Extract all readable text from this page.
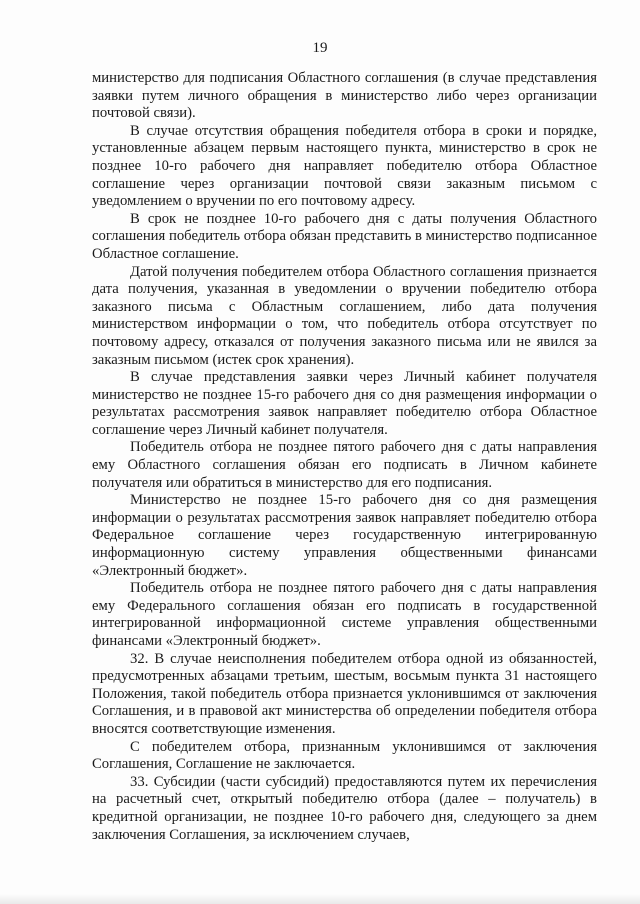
19

министерство для подписания Областного соглашения (в случае представления заявки путем личного обращения в министерство либо через организации почтовой связи).

В случае отсутствия обращения победителя отбора в сроки и порядке, установленные абзацем первым настоящего пункта, министерство в срок не позднее 10-го рабочего дня направляет победителю отбора Областное соглашение через организации почтовой связи заказным письмом с уведомлением о вручении по его почтовому адресу.

В срок не позднее 10-го рабочего дня с даты получения Областного соглашения победитель отбора обязан представить в министерство подписанное Областное соглашение.

Датой получения победителем отбора Областного соглашения признается дата получения, указанная в уведомлении о вручении победителю отбора заказного письма с Областным соглашением, либо дата получения министерством информации о том, что победитель отбора отсутствует по почтовому адресу, отказался от получения заказного письма или не явился за заказным письмом (истек срок хранения).

В случае представления заявки через Личный кабинет получателя министерство не позднее 15-го рабочего дня со дня размещения информации о результатах рассмотрения заявок направляет победителю отбора Областное соглашение через Личный кабинет получателя.

Победитель отбора не позднее пятого рабочего дня с даты направления ему Областного соглашения обязан его подписать в Личном кабинете получателя или обратиться в министерство для его подписания.

Министерство не позднее 15-го рабочего дня со дня размещения информации о результатах рассмотрения заявок направляет победителю отбора Федеральное соглашение через государственную интегрированную информационную систему управления общественными финансами «Электронный бюджет».

Победитель отбора не позднее пятого рабочего дня с даты направления ему Федерального соглашения обязан его подписать в государственной интегрированной информационной системе управления общественными финансами «Электронный бюджет».

32. В случае неисполнения победителем отбора одной из обязанностей, предусмотренных абзацами третьим, шестым, восьмым пункта 31 настоящего Положения, такой победитель отбора признается уклонившимся от заключения Соглашения, и в правовой акт министерства об определении победителя отбора вносятся соответствующие изменения.

С победителем отбора, признанным уклонившимся от заключения Соглашения, Соглашение не заключается.

33. Субсидии (части субсидий) предоставляются путем их перечисления на расчетный счет, открытый победителю отбора (далее – получатель) в кредитной организации, не позднее 10-го рабочего дня, следующего за днем заключения Соглашения, за исключением случаев,
